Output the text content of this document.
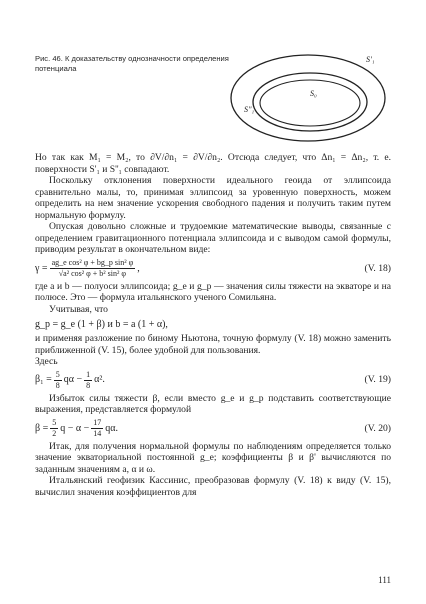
Рис. 46. К доказательству однозначности определения потенциала
S'₁
S₀
S''₁

Но так как M₁ = M₂, то ∂V/∂n₁ = ∂V/∂n₂. Отсюда следует, что Δn₁ = Δn₂, т. е. поверхности S'₁ и S''₁ совпадают.

Поскольку отклонения поверхности идеального геоида от эллипсоида сравнительно малы, то, принимая эллипсоид за уровенную поверхность, можем определить на нем значение ускорения свободного падения и получить таким путем нормальную формулу.

Опуская довольно сложные и трудоемкие математические выводы, связанные с определением гравитационного потенциала эллипсоида и с выводом самой формулы, приводим результат в окончательном виде:

$\gamma = \frac{\text{ag\_e cos² φ + bg\_p sin² φ}}{\text{√a² cos² φ + b² sin² φ}}$ ,	(V. 18)

где a и b — полуоси эллипсоида; g_e и g_p — значения силы тяжести на экваторе и на полюсе. Это — формула итальянского ученого Сомильяна.

Учитывая, что

g_p = g_e (1 + β) и b = a (1 + α),

и применяя разложение по биному Ньютона, точную формулу (V. 18) можно заменить приближенной (V. 15), более удобной для пользования.

Здесь

$\beta_1 = \frac{5}{8}$ $q\alpha - \frac{1}{8} \alpha^2$.	(V. 19)

Избыток силы тяжести β, если вместо g_e и g_p подставить соответствующие выражения, представляется формулой

$\beta = \frac{5}{2}$ $q - \alpha - \frac{17}{14} q\alpha$.	(V. 20)

Итак, для получения нормальной формулы по наблюдениям определяется только значение экваториальной постоянной g_e; коэффициенты β и β' вычисляются по заданным значениям a, α и ω.

Итальянский геофизик Кассинис, преобразовав формулу (V. 18) к виду (V. 15), вычислил значения коэффициентов для

111
